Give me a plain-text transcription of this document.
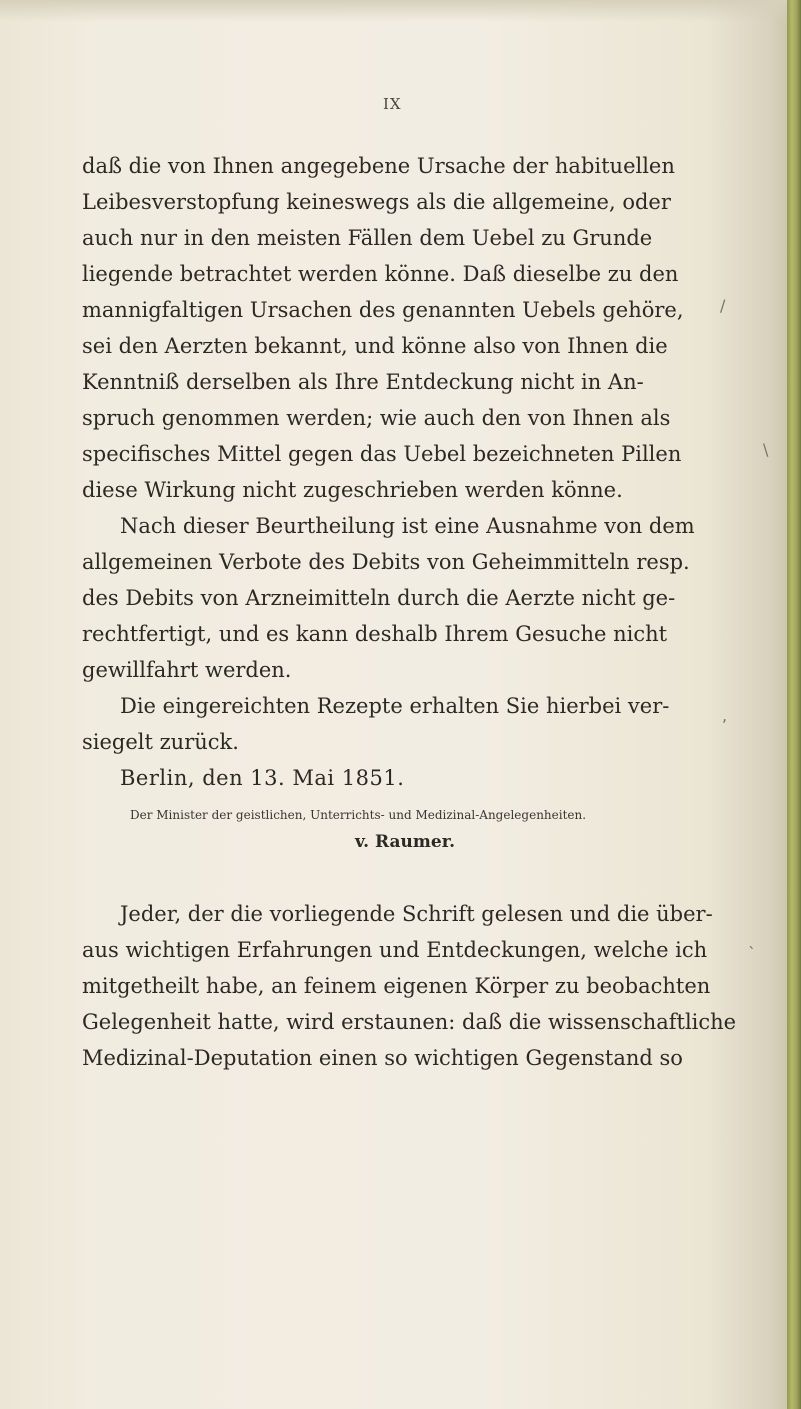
IX
daß die von Ihnen angegebene Ursache der habituellen
Leibesverstopfung keineswegs als die allgemeine, oder
auch nur in den meisten Fällen dem Uebel zu Grunde
liegende betrachtet werden könne. Daß dieselbe zu den
mannigfaltigen Ursachen des genannten Uebels gehöre,
sei den Aerzten bekannt, und könne also von Ihnen die
Kenntniß derselben als Ihre Entdeckung nicht in An-
spruch genommen werden; wie auch den von Ihnen als
specifisches Mittel gegen das Uebel bezeichneten Pillen
diese Wirkung nicht zugeschrieben werden könne.
Nach dieser Beurtheilung ist eine Ausnahme von dem
allgemeinen Verbote des Debits von Geheimmitteln resp.
des Debits von Arzneimitteln durch die Aerzte nicht ge-
rechtfertigt, und es kann deshalb Ihrem Gesuche nicht
gewillfahrt werden.
Die eingereichten Rezepte erhalten Sie hierbei ver-
siegelt zurück.
Berlin, den 13. Mai 1851.
Der Minister der geistlichen, Unterrichts- und Medizinal-Angelegenheiten.
v. Raumer.
Jeder, der die vorliegende Schrift gelesen und die über-
aus wichtigen Erfahrungen und Entdeckungen, welche ich
mitgetheilt habe, an feinem eigenen Körper zu beobachten
Gelegenheit hatte, wird erstaunen: daß die wissenschaftliche
Medizinal-Deputation einen so wichtigen Gegenstand so
/
\
,
`
